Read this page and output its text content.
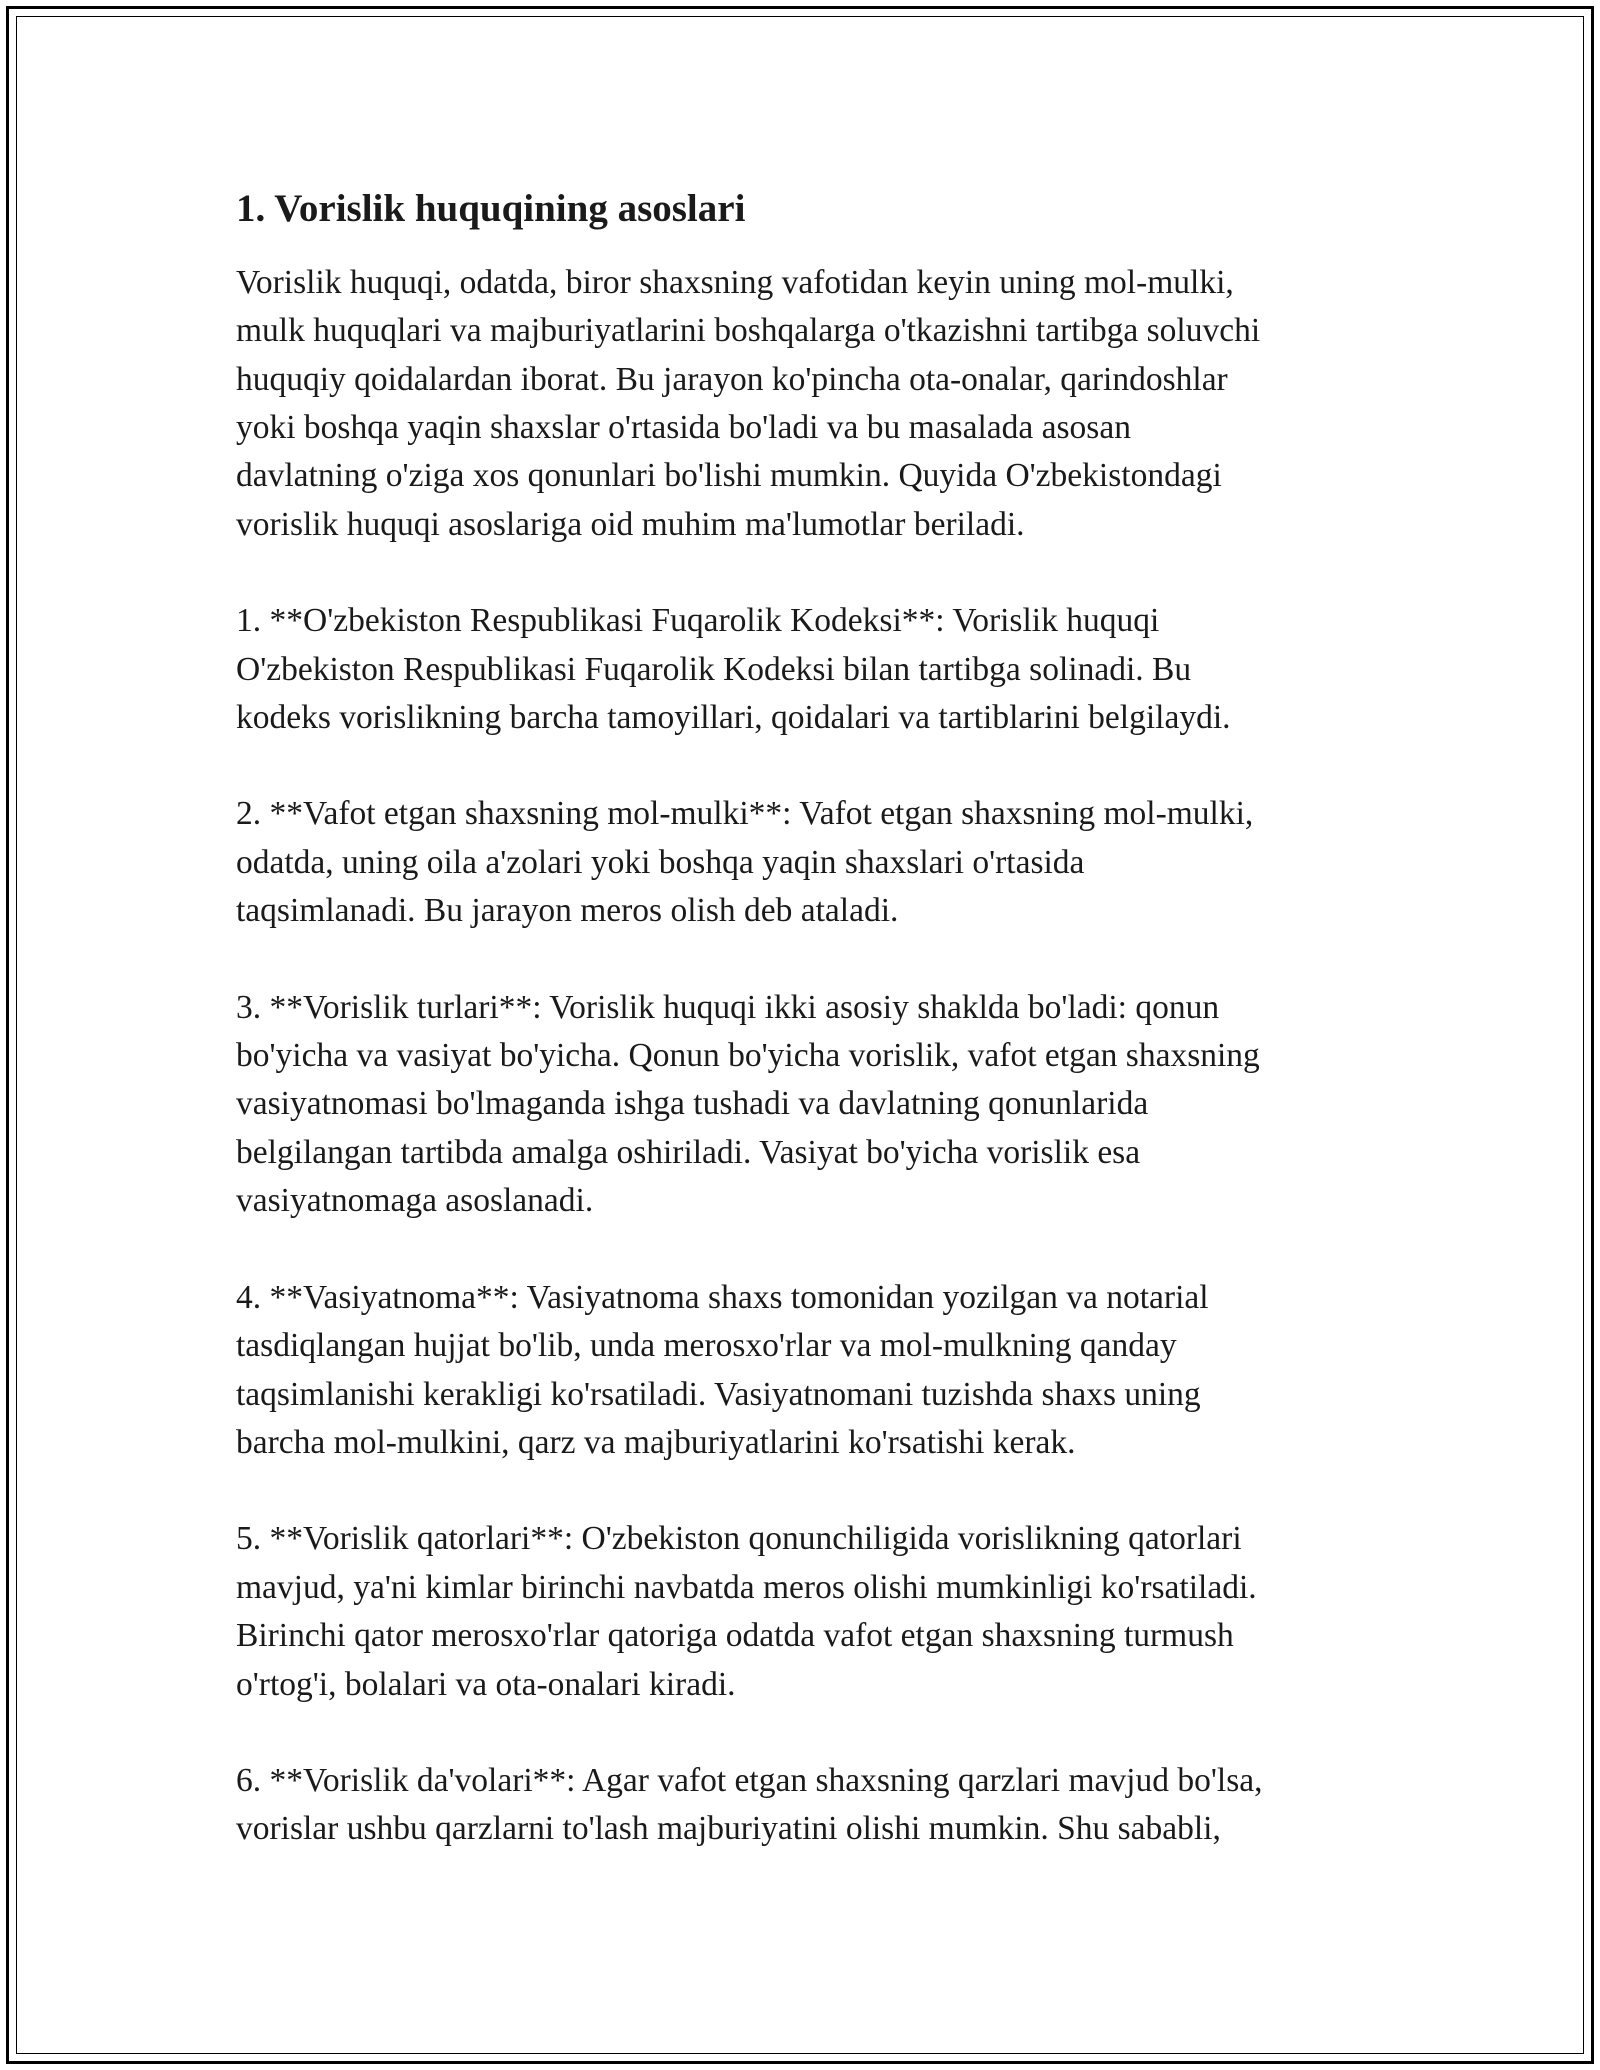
1. Vorislik huquqining asoslari

Vorislik huquqi, odatda, biror shaxsning vafotidan keyin uning mol-mulki,
mulk huquqlari va majburiyatlarini boshqalarga o'tkazishni tartibga soluvchi
huquqiy qoidalardan iborat. Bu jarayon ko'pincha ota-onalar, qarindoshlar
yoki boshqa yaqin shaxslar o'rtasida bo'ladi va bu masalada asosan
davlatning o'ziga xos qonunlari bo'lishi mumkin. Quyida O'zbekistondagi
vorislik huquqi asoslariga oid muhim ma'lumotlar beriladi.

1. **O'zbekiston Respublikasi Fuqarolik Kodeksi**: Vorislik huquqi
O'zbekiston Respublikasi Fuqarolik Kodeksi bilan tartibga solinadi. Bu
kodeks vorislikning barcha tamoyillari, qoidalari va tartiblarini belgilaydi.

2. **Vafot etgan shaxsning mol-mulki**: Vafot etgan shaxsning mol-mulki,
odatda, uning oila a'zolari yoki boshqa yaqin shaxslari o'rtasida
taqsimlanadi. Bu jarayon meros olish deb ataladi.

3. **Vorislik turlari**: Vorislik huquqi ikki asosiy shaklda bo'ladi: qonun
bo'yicha va vasiyat bo'yicha. Qonun bo'yicha vorislik, vafot etgan shaxsning
vasiyatnomasi bo'lmaganda ishga tushadi va davlatning qonunlarida
belgilangan tartibda amalga oshiriladi. Vasiyat bo'yicha vorislik esa
vasiyatnomaga asoslanadi.

4. **Vasiyatnoma**: Vasiyatnoma shaxs tomonidan yozilgan va notarial
tasdiqlangan hujjat bo'lib, unda merosxo'rlar va mol-mulkning qanday
taqsimlanishi kerakligi ko'rsatiladi. Vasiyatnomani tuzishda shaxs uning
barcha mol-mulkini, qarz va majburiyatlarini ko'rsatishi kerak.

5. **Vorislik qatorlari**: O'zbekiston qonunchiligida vorislikning qatorlari
mavjud, ya'ni kimlar birinchi navbatda meros olishi mumkinligi ko'rsatiladi.
Birinchi qator merosxo'rlar qatoriga odatda vafot etgan shaxsning turmush
o'rtog'i, bolalari va ota-onalari kiradi.

6. **Vorislik da'volari**: Agar vafot etgan shaxsning qarzlari mavjud bo'lsa,
vorislar ushbu qarzlarni to'lash majburiyatini olishi mumkin. Shu sababli,
